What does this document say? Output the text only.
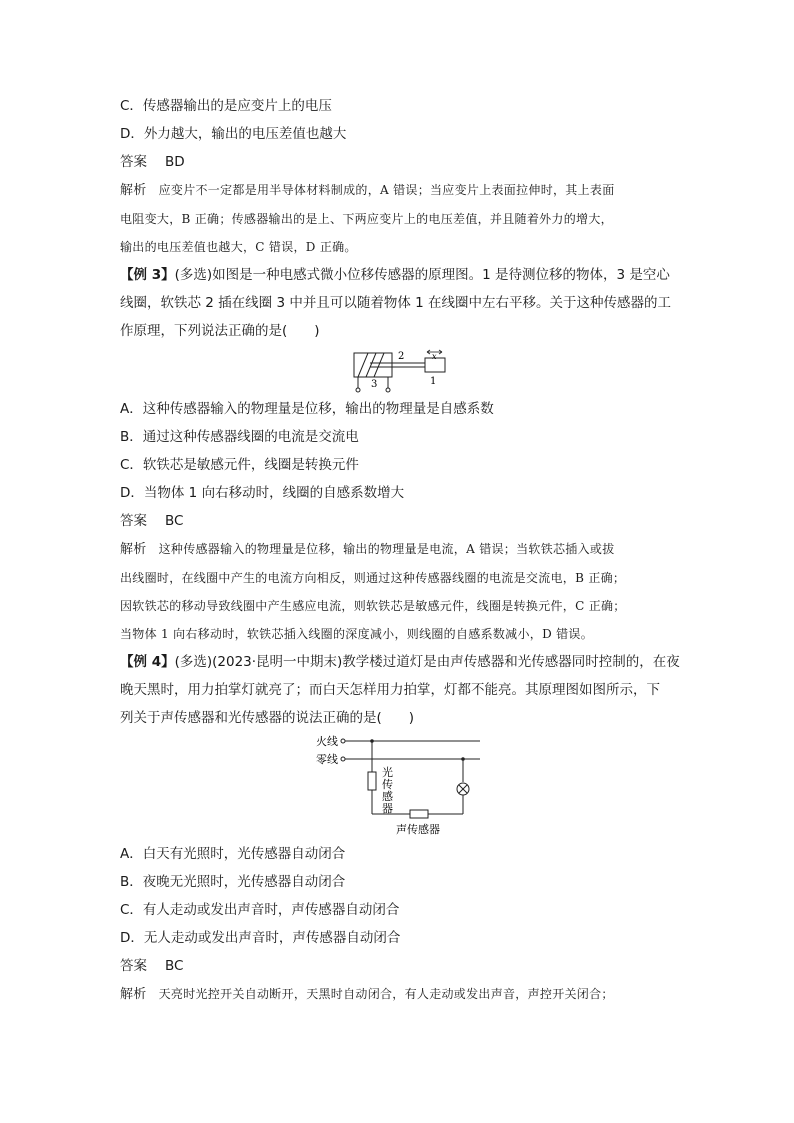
C．传感器输出的是应变片上的电压
D．外力越大，输出的电压差值也越大
答案 BD
解析 应变片不一定都是用半导体材料制成的，A 错误；当应变片上表面拉伸时，其上表面
电阻变大，B 正确；传感器输出的是上、下两应变片上的电压差值，并且随着外力的增大，
输出的电压差值也越大，C 错误，D 正确。
【例 3】(多选)如图是一种电感式微小位移传感器的原理图。1 是待测位移的物体，3 是空心
线圈，软铁芯 2 插在线圈 3 中并且可以随着物体 1 在线圈中左右平移。关于这种传感器的工
作原理，下列说法正确的是(　　)
2
3	1
x
A．这种传感器输入的物理量是位移，输出的物理量是自感系数
B．通过这种传感器线圈的电流是交流电
C．软铁芯是敏感元件，线圈是转换元件
D．当物体 1 向右移动时，线圈的自感系数增大
答案 BC
解析 这种传感器输入的物理量是位移，输出的物理量是电流，A 错误；当软铁芯插入或拔
出线圈时，在线圈中产生的电流方向相反，则通过这种传感器线圈的电流是交流电，B 正确；
因软铁芯的移动导致线圈中产生感应电流，则软铁芯是敏感元件，线圈是转换元件，C 正确；
当物体 1 向右移动时，软铁芯插入线圈的深度减小，则线圈的自感系数减小，D 错误。
【例 4】(多选)(2023·昆明一中期末)教学楼过道灯是由声传感器和光传感器同时控制的，在夜
晚天黑时，用力拍掌灯就亮了；而白天怎样用力拍掌，灯都不能亮。其原理图如图所示，下
列关于声传感器和光传感器的说法正确的是(　　)
火线
零线
光
传
感
器
声传感器
A．白天有光照时，光传感器自动闭合
B．夜晚无光照时，光传感器自动闭合
C．有人走动或发出声音时，声传感器自动闭合
D．无人走动或发出声音时，声传感器自动闭合
答案 BC
解析 天亮时光控开关自动断开，天黑时自动闭合，有人走动或发出声音，声控开关闭合；
